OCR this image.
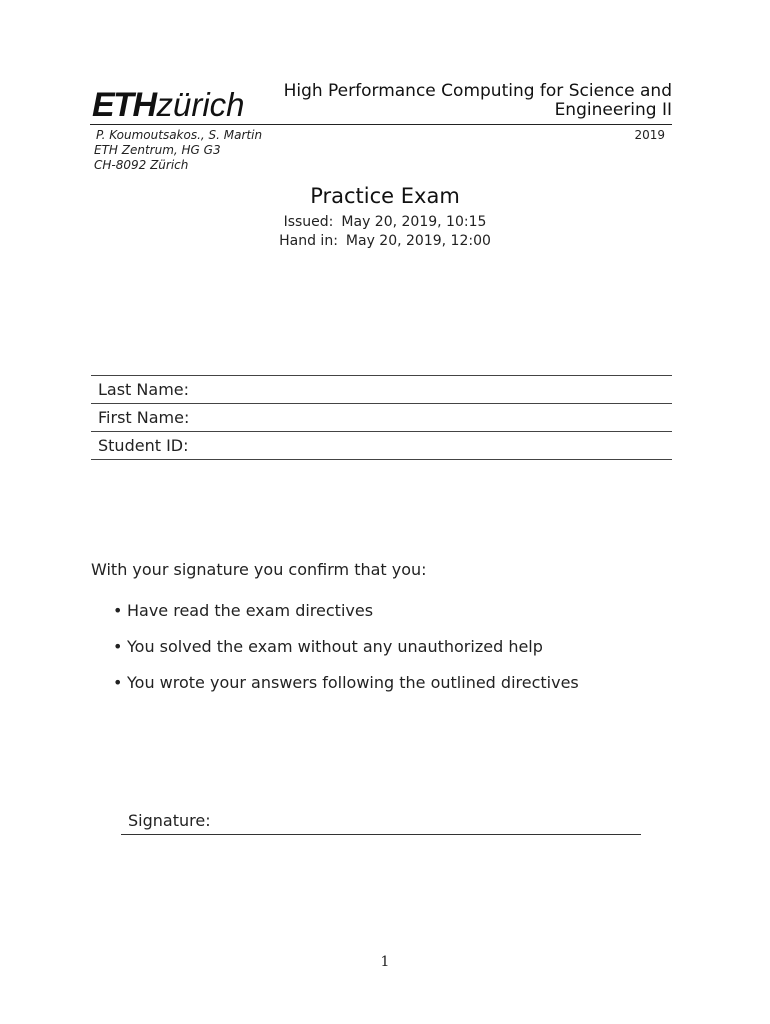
ETHzürich	High Performance Computing for Science and
Engineering II
P. Koumoutsakos., S. Martin
ETH Zentrum, HG G3
CH-8092 Zürich
2019
Practice Exam
Issued: May 20, 2019, 10:15
Hand in: May 20, 2019, 12:00
Last Name:
First Name:
Student ID:
With your signature you confirm that you:
• Have read the exam directives
• You solved the exam without any unauthorized help
• You wrote your answers following the outlined directives
Signature:
1
